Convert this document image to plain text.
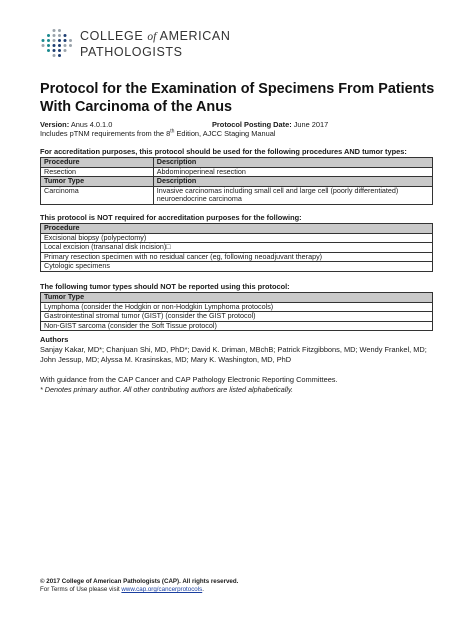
COLLEGE of AMERICAN
PATHOLOGISTS
Protocol for the Examination of Specimens From Patients With Carcinoma of the Anus
Version: Anus 4.0.1.0	Protocol Posting Date: June 2017
Includes pTNM requirements from the 8th Edition, AJCC Staging Manual
For accreditation purposes, this protocol should be used for the following procedures AND tumor types:
Procedure	Description
Resection	Abdominoperineal resection
Tumor Type	Description
Carcinoma	Invasive carcinomas including small cell and large cell (poorly differentiated) neuroendocrine carcinoma
This protocol is NOT required for accreditation purposes for the following:
Procedure
Excisional biopsy (polypectomy)
Local excision (transanal disk incision)□
Primary resection specimen with no residual cancer (eg, following neoadjuvant therapy)
Cytologic specimens
The following tumor types should NOT be reported using this protocol:
Tumor Type
Lymphoma (consider the Hodgkin or non-Hodgkin Lymphoma protocols)
Gastrointestinal stromal tumor (GIST) (consider the GIST protocol)
Non-GIST sarcoma (consider the Soft Tissue protocol)
Authors
Sanjay Kakar, MD*; Chanjuan Shi, MD, PhD*; David K. Driman, MBchB; Patrick Fitzgibbons, MD; Wendy Frankel, MD; John Jessup, MD; Alyssa M. Krasinskas, MD; Mary K. Washington, MD, PhD
With guidance from the CAP Cancer and CAP Pathology Electronic Reporting Committees.
* Denotes primary author. All other contributing authors are listed alphabetically.
© 2017 College of American Pathologists (CAP). All rights reserved.
For Terms of Use please visit www.cap.org/cancerprotocols.
